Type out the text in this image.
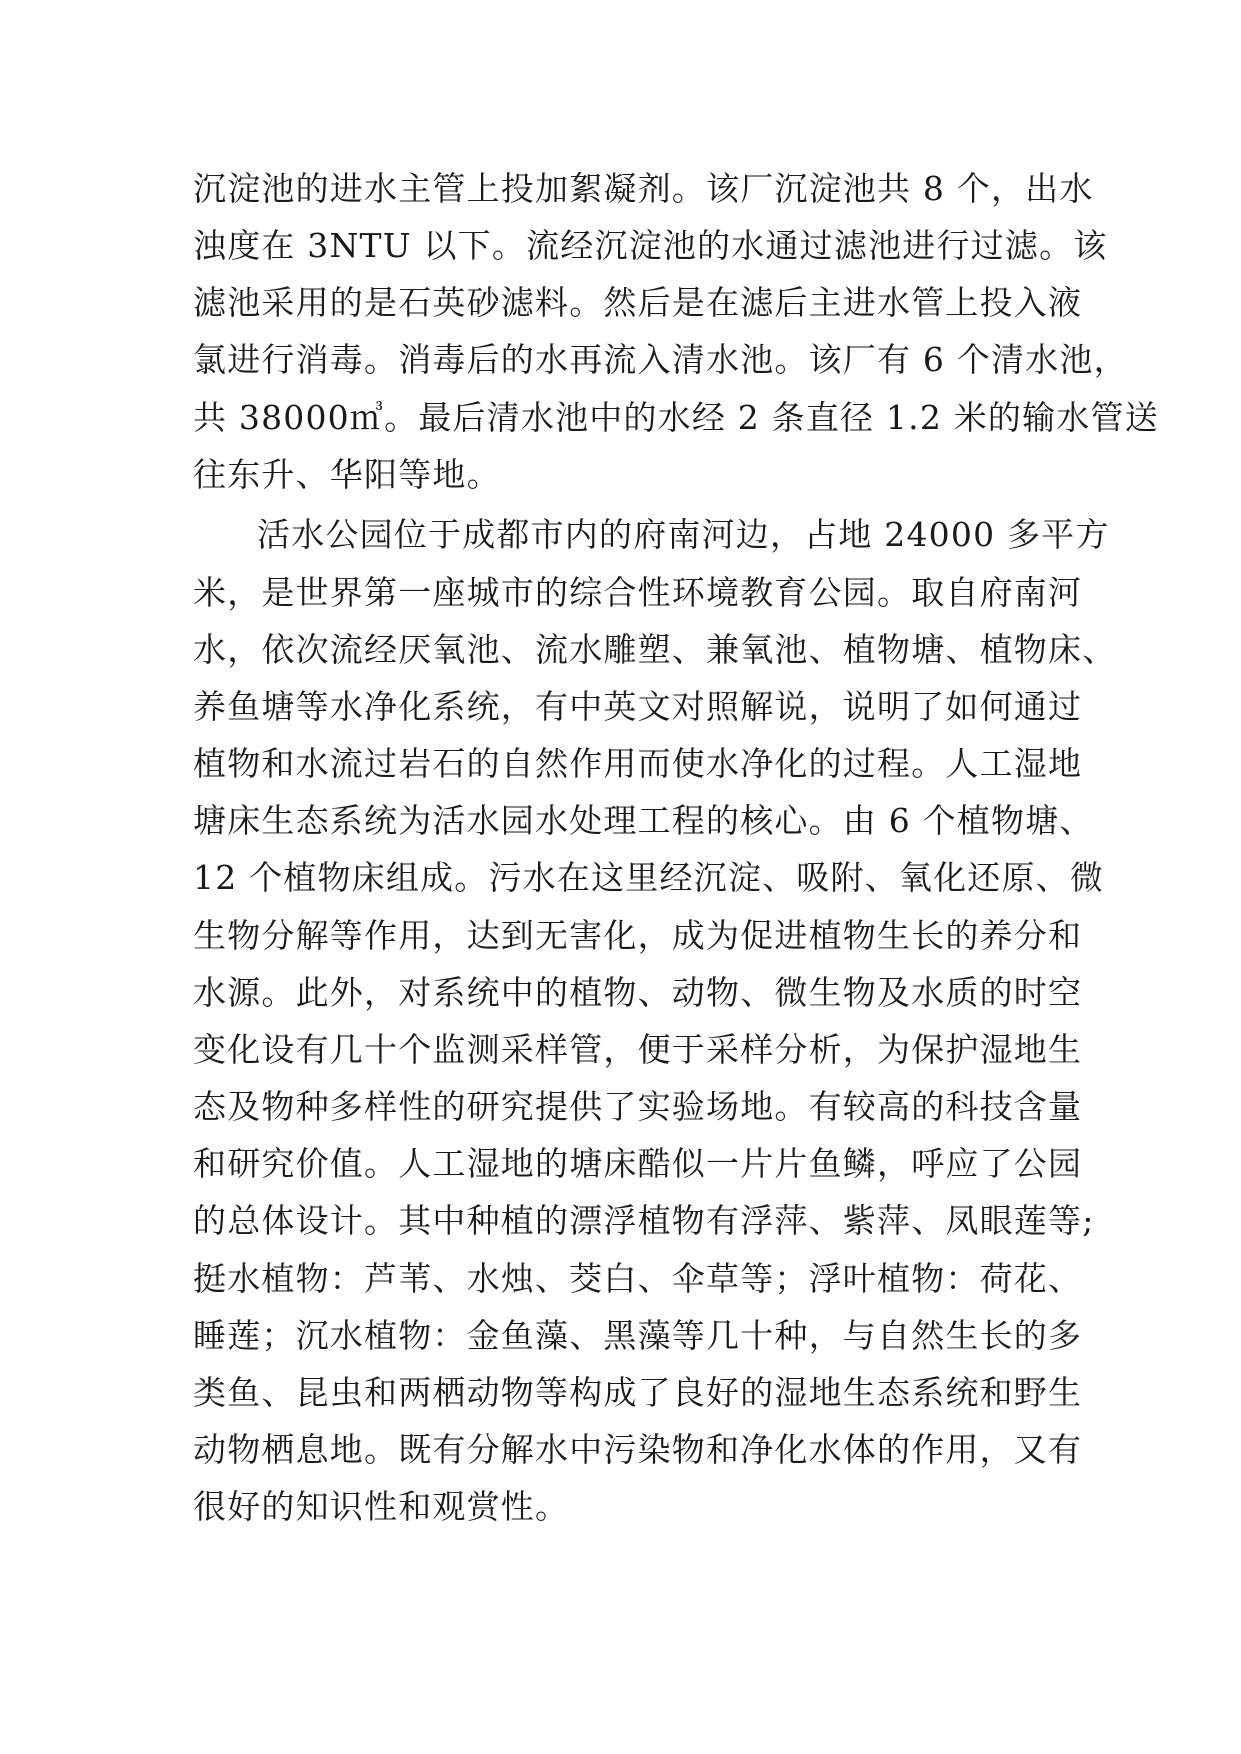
沉淀池的进水主管上投加絮凝剂。该厂沉淀池共 8 个，出水
浊度在 3NTU 以下。流经沉淀池的水通过滤池进行过滤。该
滤池采用的是石英砂滤料。然后是在滤后主进水管上投入液
氯进行消毒。消毒后的水再流入清水池。该厂有 6 个清水池，
共 38000㎥。最后清水池中的水经 2 条直径 1.2 米的输水管送
往东升、华阳等地。
活水公园位于成都市内的府南河边，占地 24000 多平方
米，是世界第一座城市的综合性环境教育公园。取自府南河
水，依次流经厌氧池、流水雕塑、兼氧池、植物塘、植物床、
养鱼塘等水净化系统，有中英文对照解说，说明了如何通过
植物和水流过岩石的自然作用而使水净化的过程。人工湿地
塘床生态系统为活水园水处理工程的核心。由 6 个植物塘、
12 个植物床组成。污水在这里经沉淀、吸附、氧化还原、微
生物分解等作用，达到无害化，成为促进植物生长的养分和
水源。此外，对系统中的植物、动物、微生物及水质的时空
变化设有几十个监测采样管，便于采样分析，为保护湿地生
态及物种多样性的研究提供了实验场地。有较高的科技含量
和研究价值。人工湿地的塘床酷似一片片鱼鳞，呼应了公园
的总体设计。其中种植的漂浮植物有浮萍、紫萍、凤眼莲等;
挺水植物：芦苇、水烛、茭白、伞草等；浮叶植物：荷花、
睡莲；沉水植物：金鱼藻、黑藻等几十种，与自然生长的多
类鱼、昆虫和两栖动物等构成了良好的湿地生态系统和野生
动物栖息地。既有分解水中污染物和净化水体的作用，又有
很好的知识性和观赏性。
